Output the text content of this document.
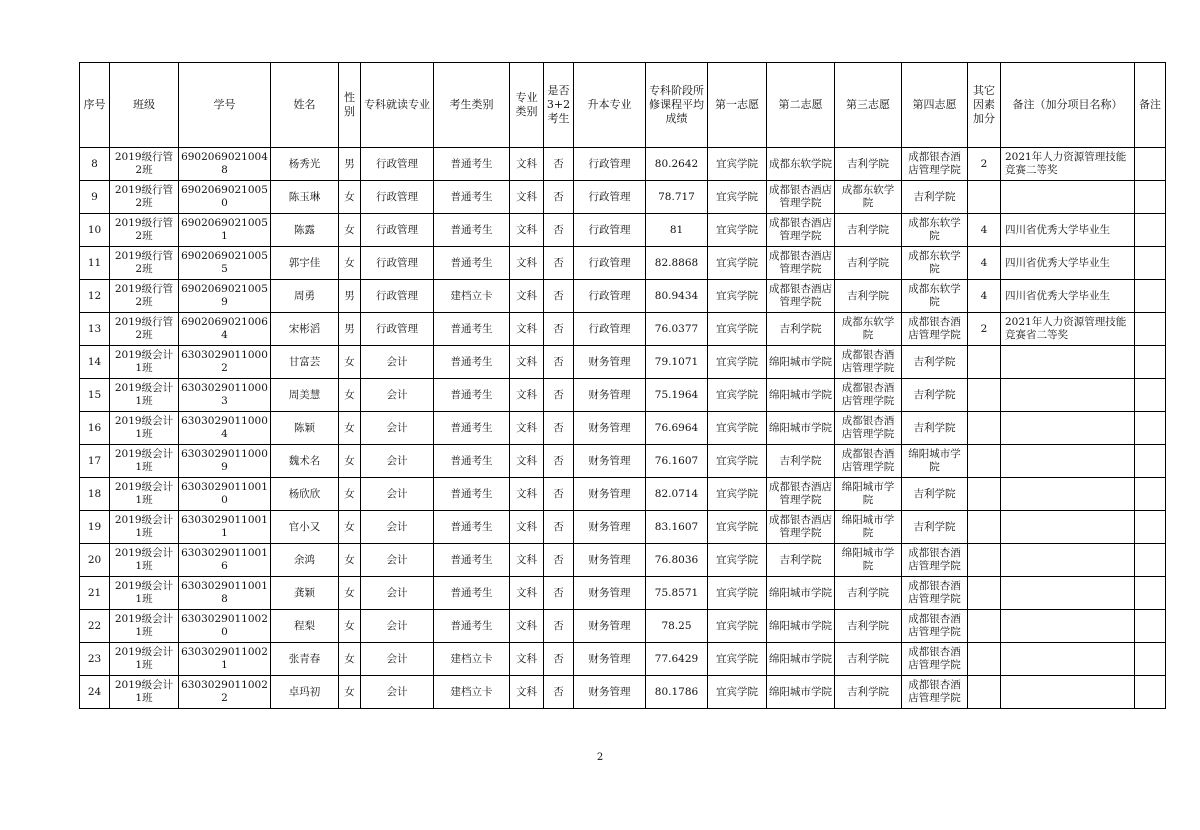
序号	班级	学号	姓名	性别	专科就读专业	考生类别	专业类别	是否3+2考生	升本专业	专科阶段所修课程平均成绩	第一志愿	第二志愿	第三志愿	第四志愿	其它因素加分	备注（加分项目名称）	备注
8	2019级行管2班	69020690210048	杨秀光	男	行政管理	普通考生	文科	否	行政管理	80.2642	宜宾学院	成都东软学院	吉利学院	成都银杏酒店管理学院	2	2021年人力资源管理技能竞赛二等奖	
9	2019级行管2班	69020690210050	陈玉琳	女	行政管理	普通考生	文科	否	行政管理	78.717	宜宾学院	成都银杏酒店管理学院	成都东软学院	吉利学院			
10	2019级行管2班	69020690210051	陈露	女	行政管理	普通考生	文科	否	行政管理	81	宜宾学院	成都银杏酒店管理学院	吉利学院	成都东软学院	4	四川省优秀大学毕业生	
11	2019级行管2班	69020690210055	郭宇佳	女	行政管理	普通考生	文科	否	行政管理	82.8868	宜宾学院	成都银杏酒店管理学院	吉利学院	成都东软学院	4	四川省优秀大学毕业生	
12	2019级行管2班	69020690210059	周勇	男	行政管理	建档立卡	文科	否	行政管理	80.9434	宜宾学院	成都银杏酒店管理学院	吉利学院	成都东软学院	4	四川省优秀大学毕业生	
13	2019级行管2班	69020690210064	宋彬滔	男	行政管理	普通考生	文科	否	行政管理	76.0377	宜宾学院	吉利学院	成都东软学院	成都银杏酒店管理学院	2	2021年人力资源管理技能竞赛省二等奖	
14	2019级会计1班	63030290110002	甘富芸	女	会计	普通考生	文科	否	财务管理	79.1071	宜宾学院	绵阳城市学院	成都银杏酒店管理学院	吉利学院			
15	2019级会计1班	63030290110003	周美慧	女	会计	普通考生	文科	否	财务管理	75.1964	宜宾学院	绵阳城市学院	成都银杏酒店管理学院	吉利学院			
16	2019级会计1班	63030290110004	陈颖	女	会计	普通考生	文科	否	财务管理	76.6964	宜宾学院	绵阳城市学院	成都银杏酒店管理学院	吉利学院			
17	2019级会计1班	63030290110009	魏术名	女	会计	普通考生	文科	否	财务管理	76.1607	宜宾学院	吉利学院	成都银杏酒店管理学院	绵阳城市学院			
18	2019级会计1班	63030290110010	杨欣欣	女	会计	普通考生	文科	否	财务管理	82.0714	宜宾学院	成都银杏酒店管理学院	绵阳城市学院	吉利学院			
19	2019级会计1班	63030290110011	官小又	女	会计	普通考生	文科	否	财务管理	83.1607	宜宾学院	成都银杏酒店管理学院	绵阳城市学院	吉利学院			
20	2019级会计1班	63030290110016	余鸿	女	会计	普通考生	文科	否	财务管理	76.8036	宜宾学院	吉利学院	绵阳城市学院	成都银杏酒店管理学院			
21	2019级会计1班	63030290110018	龚颖	女	会计	普通考生	文科	否	财务管理	75.8571	宜宾学院	绵阳城市学院	吉利学院	成都银杏酒店管理学院			
22	2019级会计1班	63030290110020	程梨	女	会计	普通考生	文科	否	财务管理	78.25	宜宾学院	绵阳城市学院	吉利学院	成都银杏酒店管理学院			
23	2019级会计1班	63030290110021	张青春	女	会计	建档立卡	文科	否	财务管理	77.6429	宜宾学院	绵阳城市学院	吉利学院	成都银杏酒店管理学院			
24	2019级会计1班	63030290110022	卓玛初	女	会计	建档立卡	文科	否	财务管理	80.1786	宜宾学院	绵阳城市学院	吉利学院	成都银杏酒店管理学院			
2
